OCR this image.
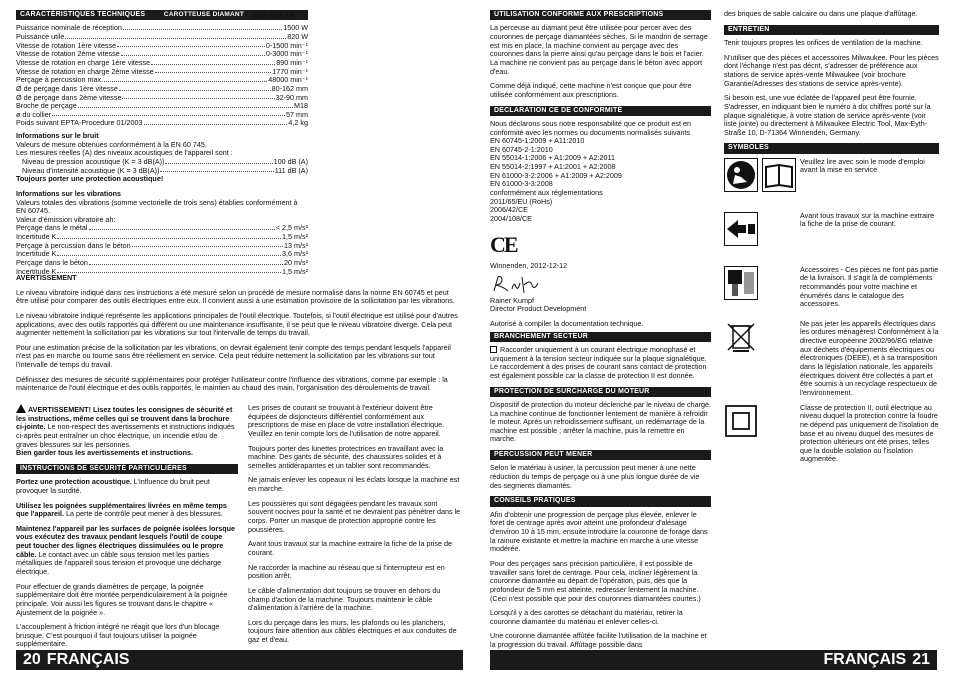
CARACTÉRISTIQUES TECHNIQUES	CAROTTEUSE DIAMANT
Puissance nominale de réception	1500 W
Puissance utile	820 W
Vitesse de rotation 1ère vitesse	0-1500 min⁻¹
Vitesse de rotation 2ème vitesse	0-3000 min⁻¹
Vitesse de rotation en charge 1ère vitesse	890 min⁻¹
Vitesse de rotation en charge 2ème vitesse	1770 min⁻¹
Perçage à percussion max.	48000 min⁻¹
Ø de perçage dans 1ère vitesse	80-162 mm
Ø de perçage dans 2ème vitesse	32-90 mm
Broche de perçage	M18
ø du collier	57 mm
Poids suivant EPTA-Procedure 01/2003	4,2 kg
Informations sur le bruit
Valeurs de mesure obtenues conformément à la EN 60 745.
Les mesures réelles (A) des niveaux acoustiques de l'appareil sont :
Niveau de pression acoustique (K = 3 dB(A))	100 dB (A)
Niveau d'intensité acoustique (K = 3 dB(A))	111 dB (A)
Toujours porter une protection acoustique!
Informations sur les vibrations
Valeurs totales des vibrations (somme vectorielle de trois sens) établies conformément à EN 60745.
Valeur d'émission vibratoire ah:
Perçage dans le métal	< 2,5 m/s²
Incertitude K	1,5 m/s²
Perçage à percussion dans le béton	13 m/s²
Incertitude K	3,6 m/s²
Perçage dans le béton	20 m/s²
Incertitude K	1,5 m/s²
DD2-160 XE
AVERTISSEMENT
Le niveau vibratoire indiqué dans ces instructions a été mesuré selon un procédé de mesure normalisé dans la norme EN 60745 et peut être utilisé pour comparer des outils électriques entre eux. Il convient aussi à une estimation provisoire de la sollicitation par les vibrations.
Le niveau vibratoire indiqué représente les applications principales de l'outil électrique. Toutefois, si l'outil électrique est utilisé pour d'autres applications, avec des outils rapportés qui diffèrent ou une maintenance insuffisante, il se peut que le niveau vibratoire diverge. Cela peut augmenter nettement la sollicitation par les vibrations sur tout l'intervalle de temps du travail.
Pour une estimation précise de la sollicitation par les vibrations, on devrait également tenir compte des temps pendant lesquels l'appareil n'est pas en marche ou tourne sans être réellement en service. Cela peut réduire nettement la sollicitation par les vibrations sur tout l'intervalle de temps du travail.
Définissez des mesures de sécurité supplémentaires pour protéger l'utilisateur contre l'influence des vibrations, comme par exemple : la maintenance de l'outil électrique et des outils rapportés, le maintien au chaud des main, l'organisation des déroulements de travail.
AVERTISSEMENT! Lisez toutes les consignes de sécurité et les instructions, même celles qui se trouvent dans la brochure ci-jointe. Le non-respect des avertissements et instructions indiqués ci-après peut entraîner un choc électrique, un incendie et/ou de graves blessures sur les personnes.
Bien garder tous les avertissements et instructions.
INSTRUCTIONS DE SÉCURITÉ PARTICULIÈRES
Portez une protection acoustique. L'influence du bruit peut provoquer la surdité.
Utilisez les poignées supplémentaires livrées en même temps que l'appareil. La perte de contrôle peut mener à des blessures.
Maintenez l'appareil par les surfaces de poignée isolées lorsque vous exécutez des travaux pendant lesquels l'outil de coupe peut toucher des lignes électriques dissimulées ou le propre câble. Le contact avec un câble sous tension met les parties métalliques de l'appareil sous tension et provoque une décharge électrique.
Pour effectuer de grands diamètres de perçage, la poignée supplémentaire doit être montée perpendiculairement à la poignée principale. Voir aussi les figures se trouvant dans le chapitre « Ajustement de la poignée ».
L'accouplement à friction intégré ne réagit que lors d'un blocage brusque. C'est pourquoi il faut toujours utiliser la poignée supplémentaire.
Les prises de courant se trouvant à l'extérieur doivent être équipées de disjoncteurs différentiel conformément aux prescriptions de mise en place de votre installation électrique. Veuillez en tenir compte lors de l'utilisation de notre appareil.
Toujours porter des lunettes protectrices en travaillant avec la machine. Des gants de sécurité, des chaussures solides et à semelles antidérapantes et un tablier sont recommandés.
Ne jamais enlever les copeaux ni les éclats lorsque la machine est en marche.
Les poussières qui sont dégagées pendant les travaux sont souvent nocives pour la santé et ne devraient pas pénétrer dans le corps. Porter un masque de protection approprié contre les poussières.
Avant tous travaux sur la machine extraire la fiche de la prise de courant.
Ne raccorder la machine au réseau que si l'interrupteur est en position arrêt.
Le câble d'alimentation doit toujours se trouver en dehors du champ d'action de la machine. Toujours maintenir le câble d'alimentation à l'arrière de la machine.
Lors du perçage dans les murs, les plafonds ou les planchers, toujours faire attention aux câbles électriques et aux conduites de gaz et d'eau.
20 FRANÇAIS
UTILISATION CONFORME AUX PRESCRIPTIONS
La perceuse au diamant peut être utilisée pour percer avec des couronnes de perçage diamantées sèches. Si le mandrin de serrage est mis en place, la machine convient au perçage avec des couronnes dans la pierre ainsi qu'au perçage dans le bois et l'acier. La machine ne convient pas au perçage dans le béton avec apport d'eau.
Comme déjà indiqué, cette machine n'est conçue que pour être utilisée conformément aux prescriptions.
DECLARATION CE DE CONFORMITÉ
Nous déclarons sous notre responsabilité que ce produit est en conformité avec les normes ou documents normalisés suivants
EN 60745-1:2009 + A11:2010
EN 60745-2-1:2010
EN 55014-1:2006 + A1:2009 + A2:2011
EN 55014-2:1997 + A1:2001 + A2:2008
EN 61000-3-2:2006 + A1:2009 + A2:2009
EN 61000-3-3:2008
conformément aux réglementations
2011/65/EU (RoHs)
2006/42/CE
2004/108/CE
CE
Winnenden, 2012-12-12
Rainer Kumpf
Director Product Development
Autorisé à compiler la documentation technique.
BRANCHEMENT SECTEUR
Raccorder uniquement à un courant électrique monophasé et uniquement à la tension secteur indiquée sur la plaque signalétique. Le raccordement à des prises de courant sans contact de protection est également possible car la classe de protection II est donnée.
PROTECTION DE SURCHARGE DU MOTEUR
Dispositif de protection du moteur déclenché par le niveau de charge. La machine continue de fonctionner lentement de manière à refroidir le moteur. Après un refroidissement suffisant, un redémarrage de la machine est possible ; arrêter la machine, puis la remettre en marche.
PERCUSSION PEUT MENER
Selon le matériau à usiner, la percussion peut mener à une nette réduction du temps de perçage ou à une plus longue durée de vie des segments diamantés.
CONSEILS PRATIQUES
Afin d'obtenir une progression de perçage plus élevée, enlever le foret de centrage après avoir atteint une profondeur d'alésage d'environ 10 à 15 mm, ensuite introduire la couronne de forage dans la rainure existante et mettre la machine en marche à une vitesse modérée.
Pour des perçages sans précision particulière, il est possible de travailler sans foret de centrage. Pour cela, incliner légèrement la couronne diamantée au départ de l'opération, puis, dès que la profondeur de 5 mm est atteinte, redresser lentement la machine. (Ceci n'est possible que pour des couronnes diamantées courtes.)
Lorsqu'il y a des carottes se détachant du matériau, retirer la couronne diamantée du matériau et enlever celles-ci.
Une couronne diamantée affûtée facilite l'utilisation de la machine et la progression du travail. Affûtage possible dans
des briques de sable calcaire ou dans une plaque d'affûtage.
ENTRETIEN
Tenir toujours propres les orifices de ventilation de la machine.
N'utiliser que des pièces et accessoires Milwaukee. Pour les pièces dont l'échange n'est pas décrit, s'adresser de préférence aux stations de service après-vente Milwaukee (voir brochure Garantie/Adresses des stations de service après-vente).
Si besoin est, une vue éclatée de l'appareil peut être fournie. S'adresser, en indiquant bien le numéro à dix chiffres porté sur la plaque signalétique, à votre station de service après-vente (voir liste jointe) ou directement à Milwaukee Electric Tool, Max-Eyth-Straße 10, D-71364 Winnenden, Germany.
SYMBOLES
Veuillez lire avec soin le mode d'emploi avant la mise en service
Avant tous travaux sur la machine extraire la fiche de la prise de courant.
Accessoires - Ces pièces ne font pas partie de la livraison. Il s'agit là de compléments recommandés pour votre machine et énumérés dans le catalogue des accessoires.
Ne pas jeter les appareils électriques dans les ordures ménagères! Conformément à la directive européenne 2002/96/EG relative aux déchets d'équipements électriques ou électroniques (DEEE), et à sa transposition dans la législation nationale, les appareils électriques doivent être collectés à part et être soumis à un recyclage respectueux de l'environnement.
Classe de protection II, outil électrique au niveau duquel la protection contre la foudre ne dépend pas uniquement de l'isolation de base et au niveau duquel des mesures de protection ultérieurs ont été prises, telles que la double isolation ou l'isolation augmentée.
FRANÇAIS 21
